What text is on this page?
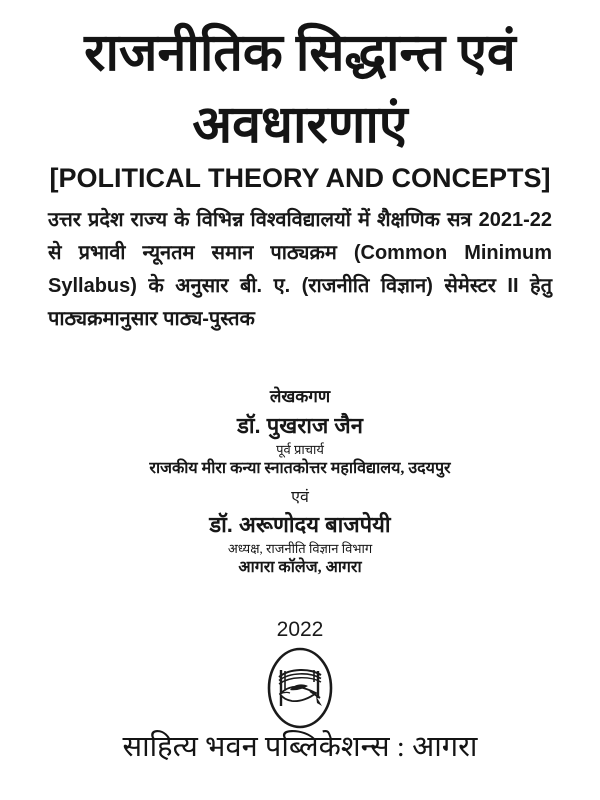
राजनीतिक सिद्धान्त एवं
अवधारणाएं
[POLITICAL THEORY AND CONCEPTS]
उत्तर प्रदेश राज्य के विभिन्न विश्वविद्यालयों में शैक्षणिक सत्र 2021-22 से प्रभावी न्यूनतम समान पाठ्यक्रम (Common Minimum Syllabus) के अनुसार बी. ए. (राजनीति विज्ञान) सेमेस्टर II हेतु पाठ्यक्रमानुसार पाठ्य-पुस्तक
लेखकगण
डॉ. पुखराज जैन
पूर्व प्राचार्य
राजकीय मीरा कन्या स्नातकोत्तर महाविद्यालय, उदयपुर
एवं
डॉ. अरूणोदय बाजपेयी
अध्यक्ष, राजनीति विज्ञान विभाग
आगरा कॉलेज, आगरा
2022
साहित्य भवन पब्लिकेशन्स : आगरा
